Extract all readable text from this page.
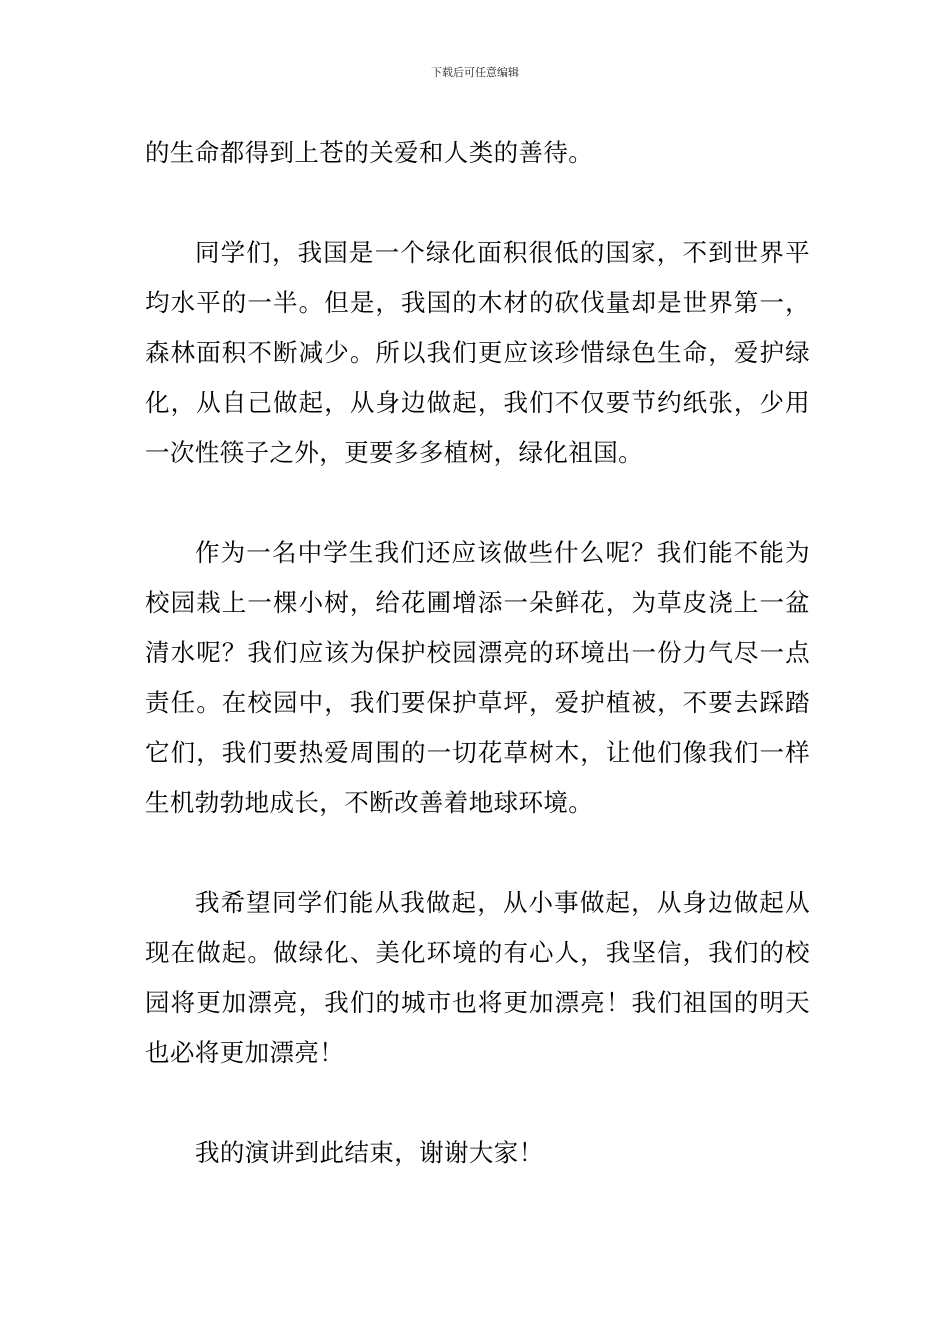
下载后可任意编辑

的生命都得到上苍的关爱和人类的善待。

同学们，我国是一个绿化面积很低的国家，不到世界平均水平的一半。但是，我国的木材的砍伐量却是世界第一，森林面积不断减少。所以我们更应该珍惜绿色生命，爱护绿化，从自己做起，从身边做起，我们不仅要节约纸张，少用一次性筷子之外，更要多多植树，绿化祖国。

作为一名中学生我们还应该做些什么呢？我们能不能为校园栽上一棵小树，给花圃增添一朵鲜花，为草皮浇上一盆清水呢？我们应该为保护校园漂亮的环境出一份力气尽一点责任。在校园中，我们要保护草坪，爱护植被，不要去踩踏它们，我们要热爱周围的一切花草树木，让他们像我们一样生机勃勃地成长，不断改善着地球环境。

我希望同学们能从我做起，从小事做起，从身边做起从现在做起。做绿化、美化环境的有心人，我坚信，我们的校园将更加漂亮，我们的城市也将更加漂亮！我们祖国的明天也必将更加漂亮！

我的演讲到此结束，谢谢大家！
